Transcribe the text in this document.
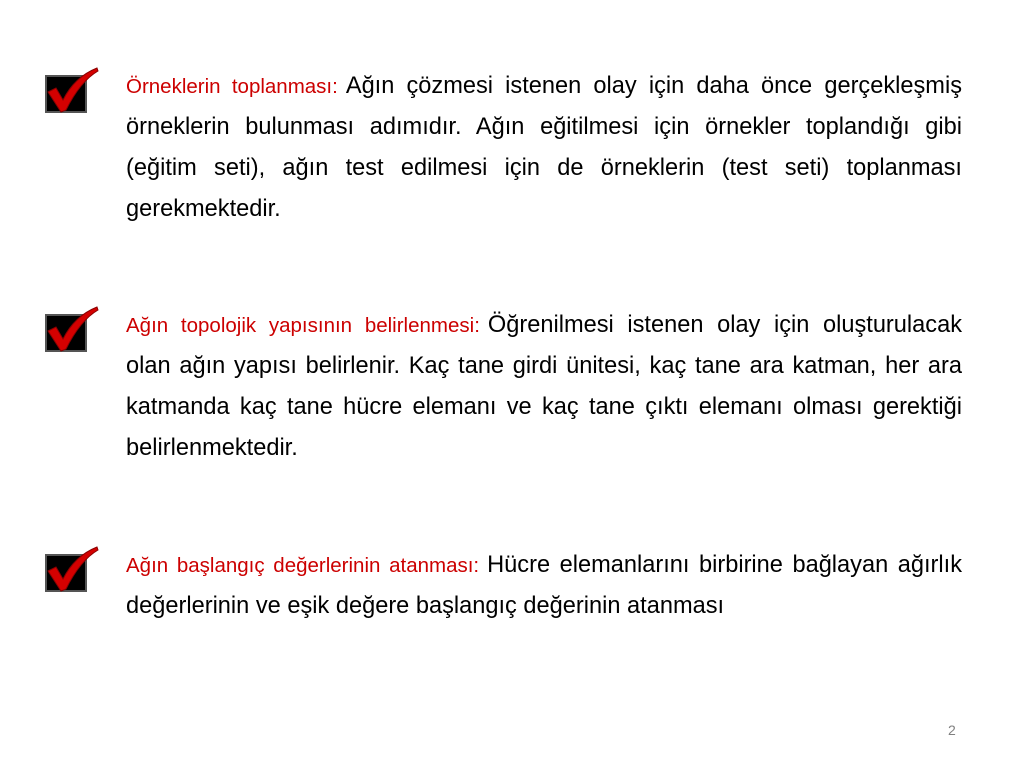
Örneklerin toplanması: Ağın çözmesi istenen olay için daha önce gerçekleşmiş örneklerin bulunması adımıdır. Ağın eğitilmesi için örnekler toplandığı gibi (eğitim seti), ağın test edilmesi için de örneklerin (test seti) toplanması gerekmektedir.
Ağın topolojik yapısının belirlenmesi: Öğrenilmesi istenen olay için oluşturulacak olan ağın yapısı belirlenir. Kaç tane girdi ünitesi, kaç tane ara katman, her ara katmanda kaç tane hücre elemanı ve kaç tane çıktı elemanı olması gerektiği belirlenmektedir.
Ağın başlangıç değerlerinin atanması: Hücre elemanlarını birbirine bağlayan ağırlık değerlerinin ve eşik değere başlangıç değerinin atanması
2
